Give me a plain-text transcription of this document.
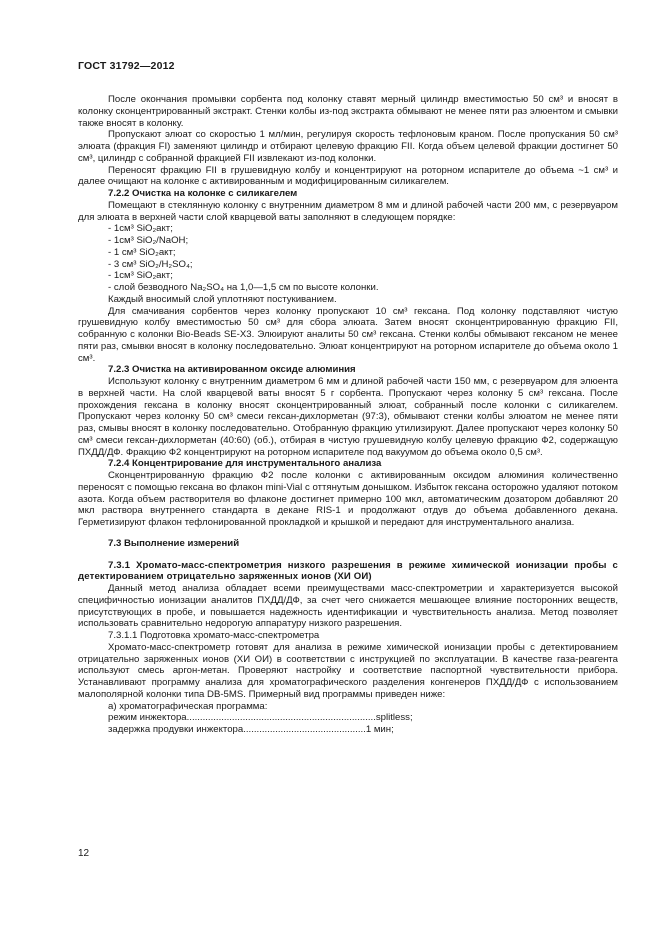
ГОСТ 31792—2012

После окончания промывки сорбента под колонку ставят мерный цилиндр вместимостью 50 см³ и вносят в колонку сконцентрированный экстракт. Стенки колбы из-под экстракта обмывают не менее пяти раз элюентом и смывки также вносят в колонку.

Пропускают элюат со скоростью 1 мл/мин, регулируя скорость тефлоновым краном. После пропускания 50 см³ элюата (фракция FI) заменяют цилиндр и отбирают целевую фракцию FII. Когда объем целевой фракции достигнет 50 см³, цилиндр с собранной фракцией FII извлекают из-под колонки.

Переносят фракцию FII в грушевидную колбу и концентрируют на роторном испарителе до объема ~1 см³ и далее очищают на колонке с активированным и модифицированным силикагелем.

7.2.2 Очистка на колонке с силикагелем

Помещают в стеклянную колонку с внутренним диаметром 8 мм и длиной рабочей части 200 мм, с резервуаром для элюата в верхней части слой кварцевой ваты заполняют в следующем порядке:

- 1см³ SiO₂акт;

- 1см³ SiO₂/NaOH;

- 1 см³ SiO₂акт;

- 3 см³ SiO₂/H₂SO₄;

- 1см³ SiO₂акт;

- слой безводного Na₂SO₄ на 1,0—1,5 см по высоте колонки.

Каждый вносимый слой уплотняют постукиванием.

Для смачивания сорбентов через колонку пропускают 10 см³ гексана. Под колонку подставляют чистую грушевидную колбу вместимостью 50 см³ для сбора элюата. Затем вносят сконцентрированную фракцию FII, собранную с колонки Bio-Beads SE-X3. Элюируют аналиты 50 см³ гексана. Стенки колбы обмывают гексаном не менее пяти раз, смывки вносят в колонку последовательно. Элюат концентрируют на роторном испарителе до объема около 1 см³.

7.2.3 Очистка на активированном оксиде алюминия

Используют колонку с внутренним диаметром 6 мм и длиной рабочей части 150 мм, с резервуаром для элюента в верхней части. На слой кварцевой ваты вносят 5 г сорбента. Пропускают через колонку 5 см³ гексана. После прохождения гексана в колонку вносят сконцентрированный элюат, собранный после колонки с силикагелем. Пропускают через колонку 50 см³ смеси гексан-дихлорметан (97:3), обмывают стенки колбы элюатом не менее пяти раз, смывы вносят в колонку последовательно. Отобранную фракцию утилизируют. Далее пропускают через колонку 50 см³ смеси гексан-дихлорметан (40:60) (об.), отбирая в чистую грушевидную колбу целевую фракцию Ф2, содержащую ПХДД/ДФ. Фракцию Ф2 концентрируют на роторном испарителе под вакуумом до объема около 0,5 см³.

7.2.4 Концентрирование для инструментального анализа

Сконцентрированную фракцию Ф2 после колонки с активированным оксидом алюминия количественно переносят с помощью гексана во флакон mini-Vial с оттянутым донышком. Избыток гексана осторожно удаляют потоком азота. Когда объем растворителя во флаконе достигнет примерно 100 мкл, автоматическим дозатором добавляют 20 мкл раствора внутреннего стандарта в декане RIS-1 и продолжают отдув до объема добавленного декана. Герметизируют флакон тефлонированной прокладкой и крышкой и передают для инструментального анализа.

7.3 Выполнение измерений

7.3.1 Хромато-масс-спектрометрия низкого разрешения в режиме химической ионизации пробы с детектированием отрицательно заряженных ионов (ХИ ОИ)

Данный метод анализа обладает всеми преимуществами масс-спектрометрии и характеризуется высокой специфичностью ионизации аналитов ПХДД/ДФ, за счет чего снижается мешающее влияние посторонних веществ, присутствующих в пробе, и повышается надежность идентификации и чувствительность анализа. Метод позволяет использовать сравнительно недорогую аппаратуру низкого разрешения.

7.3.1.1 Подготовка хромато-масс-спектрометра

Хромато-масс-спектрометр готовят для анализа в режиме химической ионизации пробы с детектированием отрицательно заряженных ионов (ХИ ОИ) в соответствии с инструкцией по эксплуатации. В качестве газа-реагента используют смесь аргон-метан. Проверяют настройку и соответствие паспортной чувствительности прибора. Устанавливают программу анализа для хроматографического разделения конгенеров ПХДД/ДФ с использованием малополярной колонки типа DB-5MS. Примерный вид программы приведен ниже:

а) хроматографическая программа:

режим инжектора.......................................................................splitless;

задержка продувки инжектора..............................................1 мин;

12
